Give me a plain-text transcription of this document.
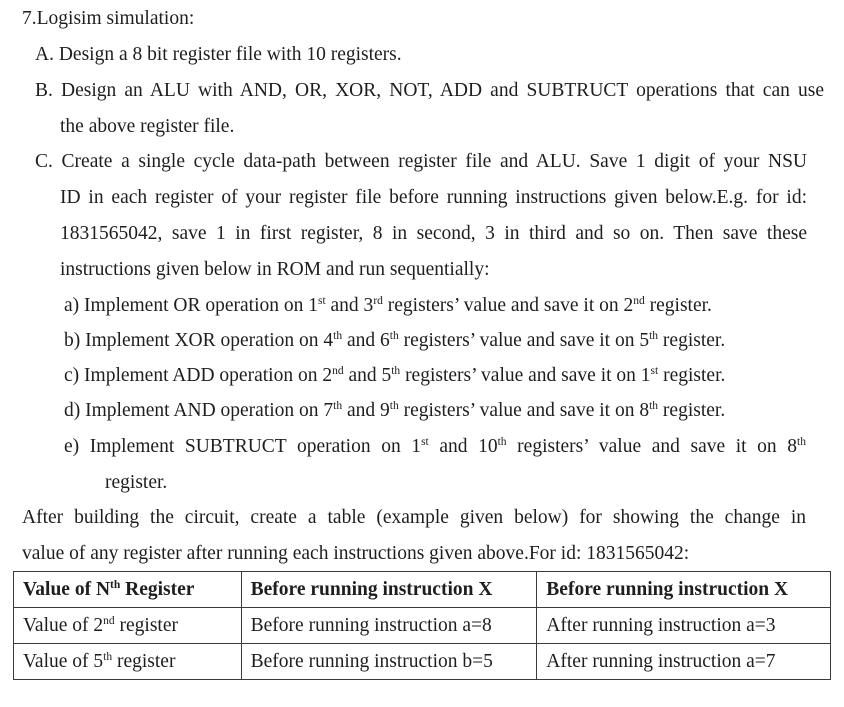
7.Logisim simulation:
A. Design a 8 bit register file with 10 registers.
B. Design an ALU with AND, OR, XOR, NOT, ADD and SUBTRUCT operations that can use
the above register file.
C. Create a single cycle data-path between register file and ALU. Save 1 digit of your NSU
ID in each register of your register file before running instructions given below.E.g. for id:
1831565042, save 1 in first register, 8 in second, 3 in third and so on. Then save these
instructions given below in ROM and run sequentially:
a) Implement OR operation on 1st and 3rd registers’ value and save it on 2nd register.
b) Implement XOR operation on 4th and 6th registers’ value and save it on 5th register.
c) Implement ADD operation on 2nd and 5th registers’ value and save it on 1st register.
d) Implement AND operation on 7th and 9th registers’ value and save it on 8th register.
e) Implement SUBTRUCT operation on 1st and 10th registers’ value and save it on 8th
register.
After building the circuit, create a table (example given below) for showing the change in
value of any register after running each instructions given above.For id: 1831565042:
Value of $N^{th}$ Register	Before running instruction X	Before running instruction X
Value of 2nd register	Before running instruction a=8	After running instruction a=3
Value of 5th register	Before running instruction b=5	After running instruction a=7
